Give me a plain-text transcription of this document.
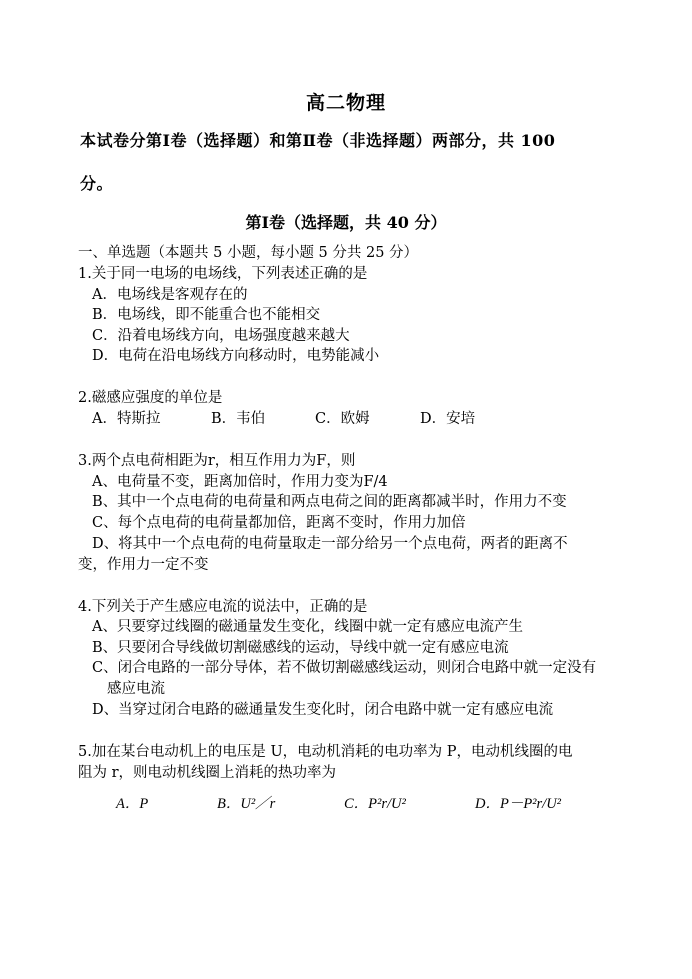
高二物理
本试卷分第Ⅰ卷（选择题）和第Ⅱ卷（非选择题）两部分，共 100
分。
第Ⅰ卷（选择题，共 40 分）
一、单选题（本题共 5 小题，每小题 5 分共 25 分）
1.关于同一电场的电场线，下列表述正确的是
A．电场线是客观存在的
B．电场线，即不能重合也不能相交
C．沿着电场线方向，电场强度越来越大
D．电荷在沿电场线方向移动时，电势能减小
2.磁感应强度的单位是
A．特斯拉	B．韦伯	C．欧姆	D．安培
3.两个点电荷相距为r，相互作用力为F，则
A、电荷量不变，距离加倍时，作用力变为F/4
B、其中一个点电荷的电荷量和两点电荷之间的距离都减半时，作用力不变
C、每个点电荷的电荷量都加倍，距离不变时，作用力加倍
D、将其中一个点电荷的电荷量取走一部分给另一个点电荷，两者的距离不
变，作用力一定不变
4.下列关于产生感应电流的说法中，正确的是
A、只要穿过线圈的磁通量发生变化，线圈中就一定有感应电流产生
B、只要闭合导线做切割磁感线的运动，导线中就一定有感应电流
C、闭合电路的一部分导体，若不做切割磁感线运动，则闭合电路中就一定没有
感应电流
D、当穿过闭合电路的磁通量发生变化时，闭合电路中就一定有感应电流
5.加在某台电动机上的电压是 U，电动机消耗的电功率为 P，电动机线圈的电
阻为 r，则电动机线圈上消耗的热功率为
A．P	B．U²／r	C．P²r/U²	D．P－P²r/U²
